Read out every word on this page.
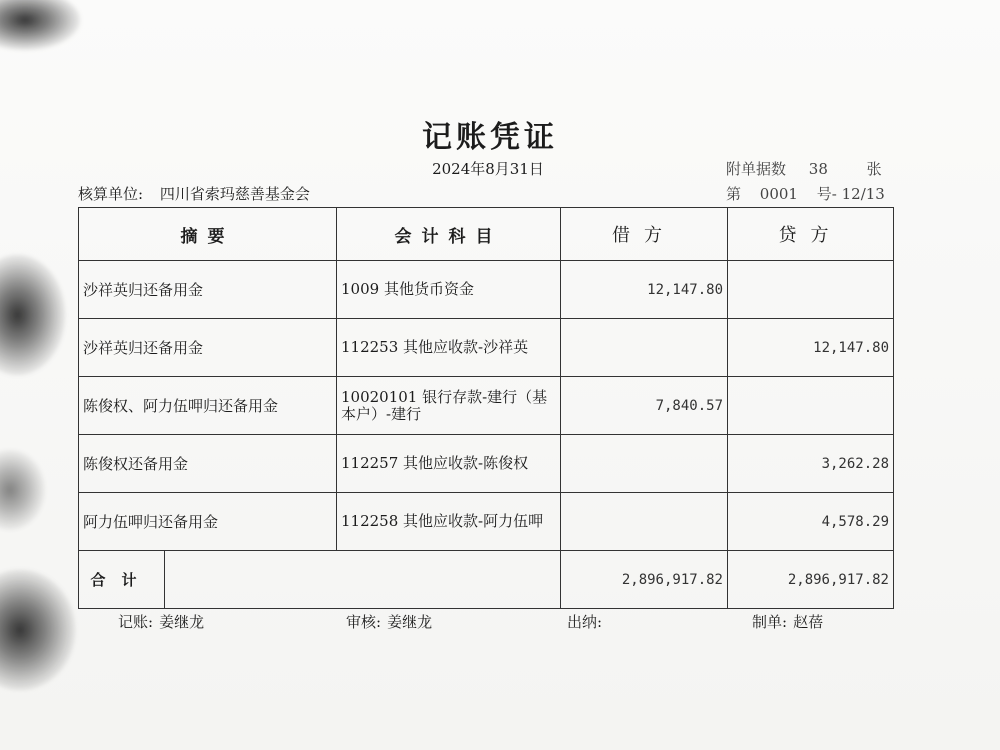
记账凭证
2024年8月31日	附单据数 38	张
核算单位: 四川省索玛慈善基金会	第 0001 号- 12/13
摘要		会计科目	借方	贷方
沙祥英归还备用金		1009 其他货币资金	12,147.80	
沙祥英归还备用金		112253 其他应收款-沙祥英		12,147.80
陈俊权、阿力伍呷归还备用金		10020101 银行存款-建行（基本户）-建行	7,840.57	
陈俊权还备用金		112257 其他应收款-陈俊权		3,262.28
阿力伍呷归还备用金		112258 其他应收款-阿力伍呷		4,578.29
合计			2,896,917.82	2,896,917.82
记账: 姜继龙	审核: 姜继龙	出纳:	制单: 赵蓓
